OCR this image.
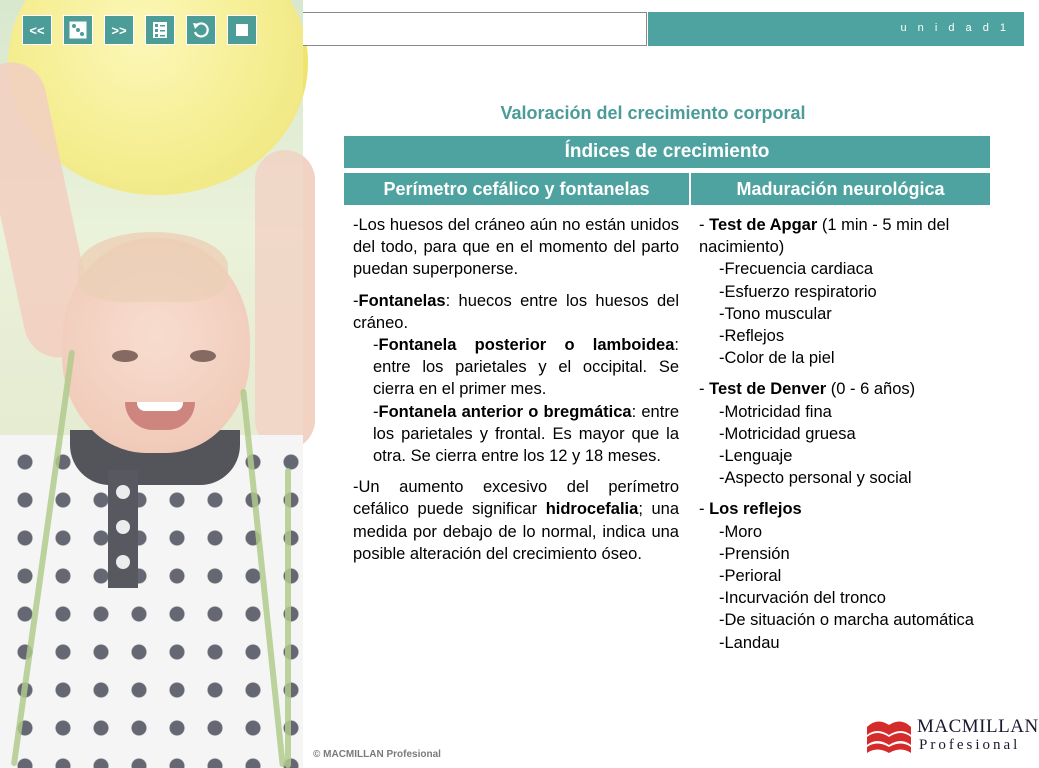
<<	>>	u n i d a d 1
Valoración del crecimiento corporal
Índices de crecimiento
Perímetro cefálico y fontanelas	Maduración neurológica

-Los huesos del cráneo aún no están unidos del todo, para que en el momento del parto puedan superponerse.

-Fontanelas: huecos entre los huesos del cráneo.

-Fontanela posterior o lamboidea: entre los parietales y el occipital. Se cierra en el primer mes.

-Fontanela anterior o bregmática: entre los parietales y frontal. Es mayor que la otra. Se cierra entre los 12 y 18 meses.

-Un aumento excesivo del perímetro cefálico puede significar hidrocefalia; una medida por debajo de lo normal, indica una posible alteración del crecimiento óseo.

- Test de Apgar (1 min - 5 min del nacimiento)

-Frecuencia cardiaca
-Esfuerzo respiratorio
-Tono muscular
-Reflejos
-Color de la piel

- Test de Denver (0 - 6 años)

-Motricidad fina
-Motricidad gruesa
-Lenguaje
-Aspecto personal y social

- Los reflejos

-Moro
-Prensión
-Perioral
-Incurvación del tronco
-De situación o marcha automática
-Landau
© MACMILLAN Profesional
MACMILLAN
Profesional
